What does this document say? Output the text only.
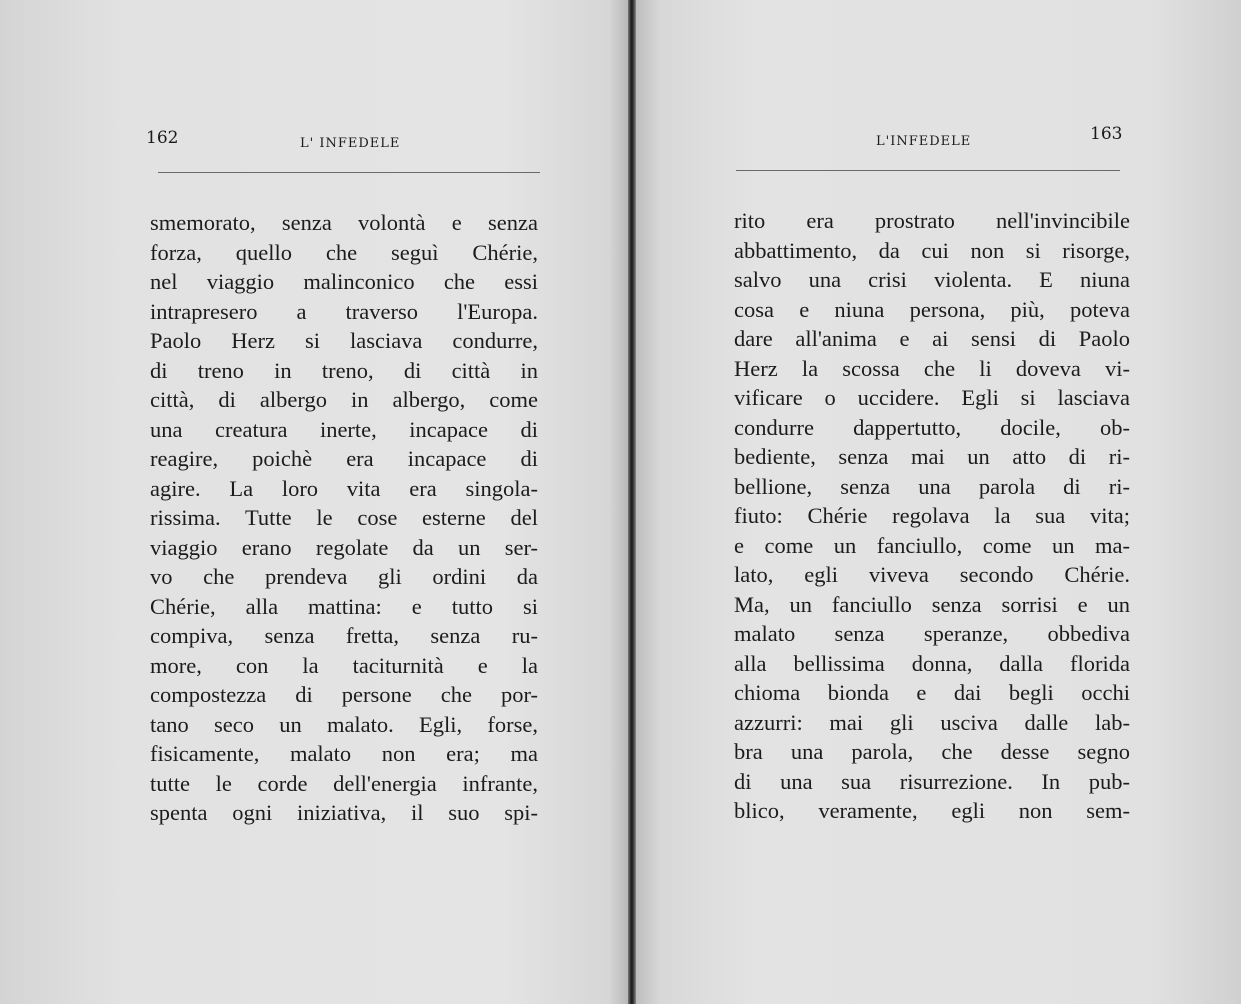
162	L' INFEDELE
smemorato, senza volontà e senza
forza, quello che seguì Chérie,
nel viaggio malinconico che essi
intrapresero a traverso l'Europa.
Paolo Herz si lasciava condurre,
di treno in treno, di città in
città, di albergo in albergo, come
una creatura inerte, incapace di
reagire, poichè era incapace di
agire. La loro vita era singola-
rissima. Tutte le cose esterne del
viaggio erano regolate da un ser-
vo che prendeva gli ordini da
Chérie, alla mattina: e tutto si
compiva, senza fretta, senza ru-
more, con la taciturnità e la
compostezza di persone che por-
tano seco un malato. Egli, forse,
fisicamente, malato non era; ma
tutte le corde dell'energia infrante,
spenta ogni iniziativa, il suo spi-
L'INFEDELE	163
rito era prostrato nell'invincibile
abbattimento, da cui non si risorge,
salvo una crisi violenta. E niuna
cosa e niuna persona, più, poteva
dare all'anima e ai sensi di Paolo
Herz la scossa che li doveva vi-
vificare o uccidere. Egli si lasciava
condurre dappertutto, docile, ob-
bediente, senza mai un atto di ri-
bellione, senza una parola di ri-
fiuto: Chérie regolava la sua vita;
e come un fanciullo, come un ma-
lato, egli viveva secondo Chérie.
Ma, un fanciullo senza sorrisi e un
malato senza speranze, obbediva
alla bellissima donna, dalla florida
chioma bionda e dai begli occhi
azzurri: mai gli usciva dalle lab-
bra una parola, che desse segno
di una sua risurrezione. In pub-
blico, veramente, egli non sem-
